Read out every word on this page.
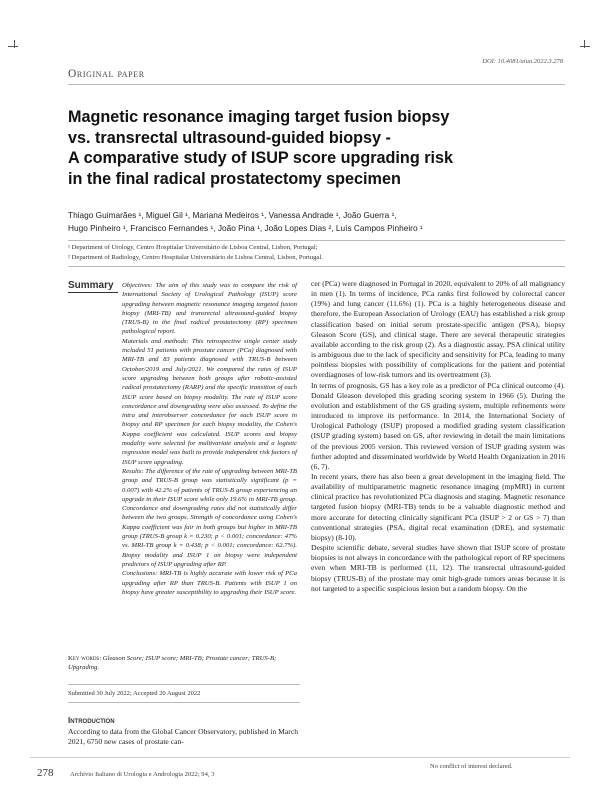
DOI: 10.4081/aiua.2022.3.278
Original paper
Magnetic resonance imaging target fusion biopsy
vs. transrectal ultrasound-guided biopsy -
A comparative study of ISUP score upgrading risk
in the final radical prostatectomy specimen
Thiago Guimarães ¹, Miguel Gil ¹, Mariana Medeiros ¹, Vanessa Andrade ¹, João Guerra ¹,
Hugo Pinheiro ¹, Francisco Fernandes ¹, João Pina ¹, João Lopes Dias ², Luís Campos Pinheiro ¹
¹ Department of Urology, Centro Hospitalar Universitário de Lisboa Central, Lisbon, Portugal;
² Department of Radiology, Centro Hospitalar Universitário de Lisboa Central, Lisbon, Portugal.
Summary Objectives: The aim of this study was to compare the risk of International Society of Urological Pathology (ISUP) score upgrading between magnetic resonance imaging targeted fusion biopsy (MRI-TB) and transrectal ultrasound-guided biopsy (TRUS-B) in the final radical prostatectomy (RP) specimen pathological report.

Materials and methods: This retrospective single center study included 51 patients with prostate cancer (PCa) diagnosed with MRI-TB and 83 patients diagnosed with TRUS-B between October/2019 and July/2021. We compared the rates of ISUP score upgrading between both groups after robotic-assisted radical prostatectomy (RARP) and the specific transition of each ISUP score based on biopsy modality. The rate of ISUP score concordance and downgrading were also assessed. To define the intra and interobserver concordance for each ISUP score in biopsy and RP specimen for each biopsy modality, the Cohen's Kappa coefficient was calculated. ISUP scores and biopsy modality were selected for multivariate analysis and a logistic regression model was built to provide independent risk factors of ISUP score upgrading.

Results: The difference of the rate of upgrading between MRI-TB group and TRUS-B group was statistically significant (p = 0.007) with 42.2% of patients of TRUS-B group experiencing an upgrade in their ISUP score while only 19.6% in MRI-TB group. Concordance and downgrading rates did not statistically differ between the two groups. Strength of concordance using Cohen's Kappa coefficient was fair in both groups but higher in MRI-TB group (TRUS-B group k = 0.230; p < 0.001; concordance: 47% vs. MRI-TB group k = 0.438; p < 0.001; concordance: 62.7%). Biopsy modality and ISUP 1 on biopsy were independent predictors of ISUP upgrading after RP.

Conclusions: MRI-TB is highly accurate with lower risk of PCa upgrading after RP than TRUS-B. Patients with ISUP 1 on biopsy have greater susceptibility to upgrading their ISUP score.

Key words: Gleason Score; ISUP score; MRI-TB; Prostate cancer; TRUS-B; Upgrading.
Submitted 30 July 2022; Accepted 20 August 2022
Introduction
According to data from the Global Cancer Observatory, published in March 2021, 6750 new cases of prostate can-

cer (PCa) were diagnosed in Portugal in 2020, equivalent to 20% of all malignancy in men (1). In terms of incidence, PCa ranks first followed by colorectal cancer (19%) and lung cancer (11.6%) (1). PCa is a highly heterogeneous disease and therefore, the European Association of Urology (EAU) has established a risk group classification based on initial serum prostate-specific antigen (PSA), biopsy Gleason Score (GS), and clinical stage. There are several therapeutic strategies available according to the risk group (2). As a diagnostic assay, PSA clinical utility is ambiguous due to the lack of specificity and sensitivity for PCa, leading to many pointless biopsies with possibility of complications for the patient and potential overdiagnoses of low-risk tumors and its overtreatment (3).

In terms of prognosis, GS has a key role as a predictor of PCa clinical outcome (4). Donald Gleason developed this grading scoring system in 1966 (5). During the evolution and establishment of the GS grading system, multiple refinements were introduced to improve its performance. In 2014, the International Society of Urological Pathology (ISUP) proposed a modified grading system classification (ISUP grading system) based on GS, after reviewing in detail the main limitations of the previous 2005 version. This reviewed version of ISUP grading system was further adopted and disseminated worldwide by World Health Organization in 2016 (6, 7).

In recent years, there has also been a great development in the imaging field. The availability of multiparametric magnetic resonance imaging (mpMRI) in current clinical practice has revolutionized PCa diagnosis and staging. Magnetic resonance targeted fusion biopsy (MRI-TB) tends to be a valuable diagnostic method and more accurate for detecting clinically significant PCa (ISUP > 2 or GS > 7) than conventional strategies (PSA, digital recal examination (DRE), and systematic biopsy) (8-10).

Despite scientific debate, several studies have shown that ISUP score of prostate biopsies is not always in concordance with the pathological report of RP specimens even when MRI-TB is performed (11, 12). The transrectal ultrasound-guided biopsy (TRUS-B) of the prostate may omit high-grade tumors areas because it is not targeted to a specific suspicious lesion but a random biopsy. On the

278	Archivio Italiano di Urologia e Andrologia 2022; 94, 3
No conflict of interest declared.
